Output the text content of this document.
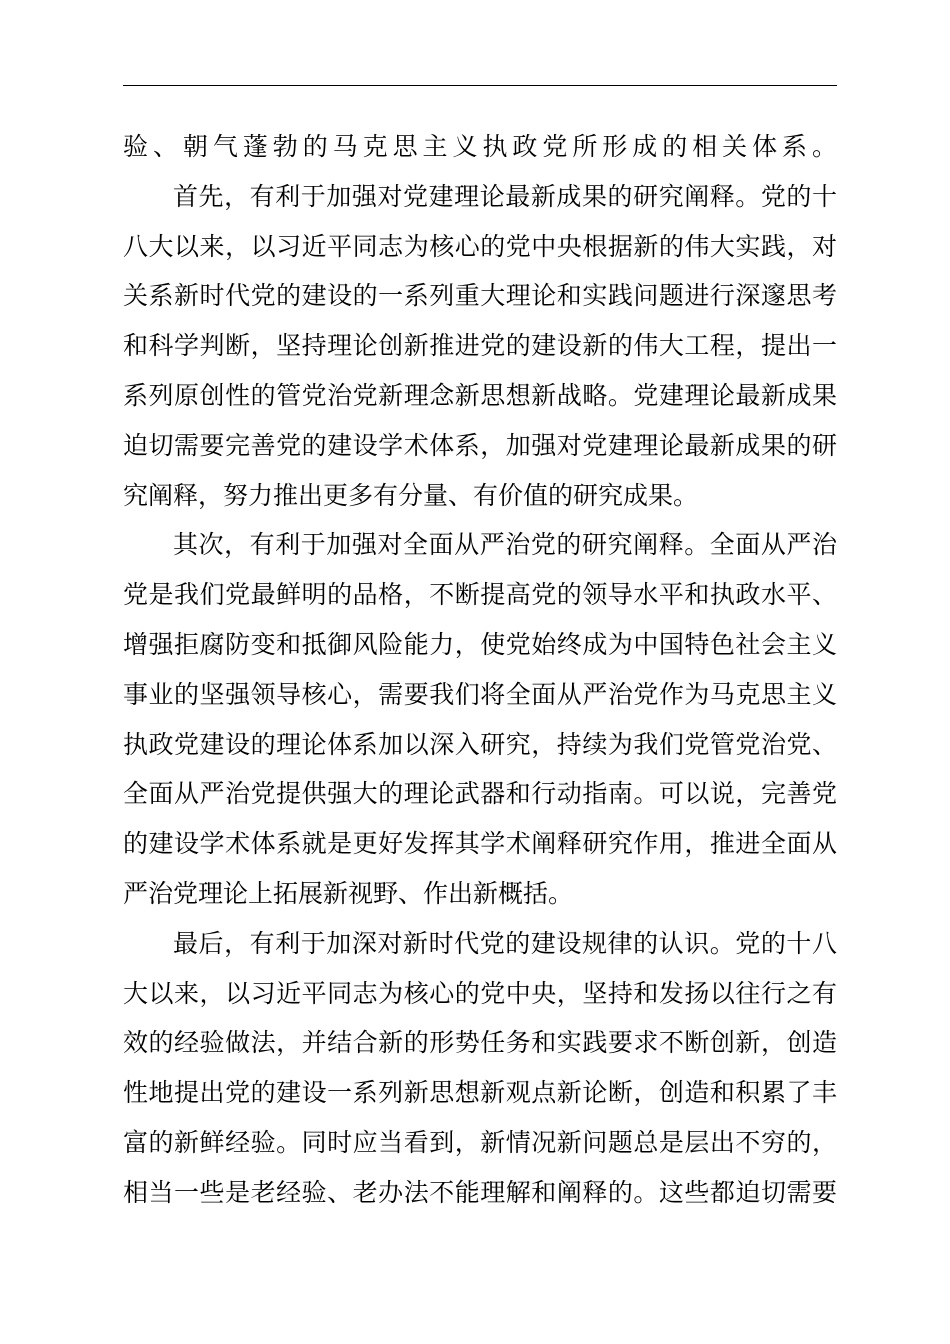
验、朝气蓬勃的马克思主义执政党所形成的相关体系。
首先，有利于加强对党建理论最新成果的研究阐释。党的十
八大以来，以习近平同志为核心的党中央根据新的伟大实践，对
关系新时代党的建设的一系列重大理论和实践问题进行深邃思考
和科学判断，坚持理论创新推进党的建设新的伟大工程，提出一
系列原创性的管党治党新理念新思想新战略。党建理论最新成果
迫切需要完善党的建设学术体系，加强对党建理论最新成果的研
究阐释，努力推出更多有分量、有价值的研究成果。
其次，有利于加强对全面从严治党的研究阐释。全面从严治
党是我们党最鲜明的品格，不断提高党的领导水平和执政水平、
增强拒腐防变和抵御风险能力，使党始终成为中国特色社会主义
事业的坚强领导核心，需要我们将全面从严治党作为马克思主义
执政党建设的理论体系加以深入研究，持续为我们党管党治党、
全面从严治党提供强大的理论武器和行动指南。可以说，完善党
的建设学术体系就是更好发挥其学术阐释研究作用，推进全面从
严治党理论上拓展新视野、作出新概括。
最后，有利于加深对新时代党的建设规律的认识。党的十八
大以来，以习近平同志为核心的党中央，坚持和发扬以往行之有
效的经验做法，并结合新的形势任务和实践要求不断创新，创造
性地提出党的建设一系列新思想新观点新论断，创造和积累了丰
富的新鲜经验。同时应当看到，新情况新问题总是层出不穷的，
相当一些是老经验、老办法不能理解和阐释的。这些都迫切需要
